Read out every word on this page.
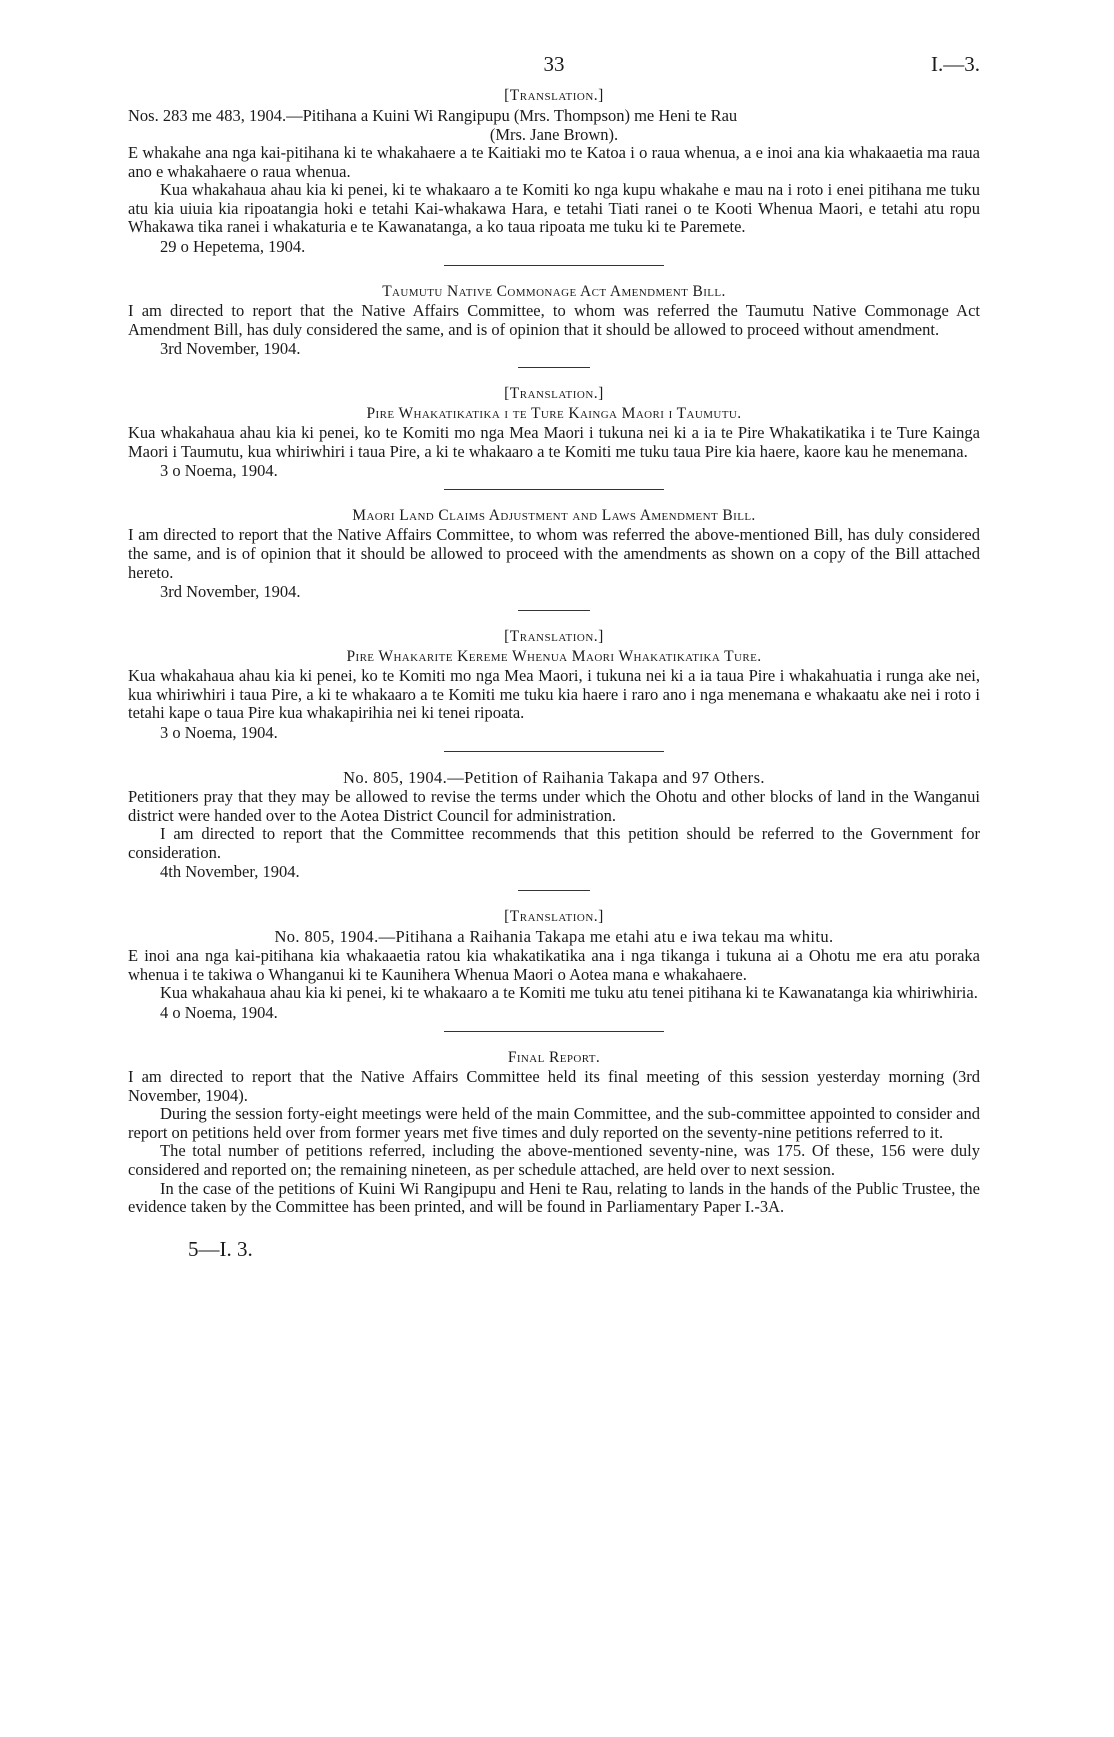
33	I.—3.
[Translation.]
Nos. 283 me 483, 1904.—Pitihana a Kuini Wi Rangipupu (Mrs. Thompson) me Heni te Rau
(Mrs. Jane Brown).

E whakahe ana nga kai-pitihana ki te whakahaere a te Kaitiaki mo te Katoa i o raua whenua, a e inoi ana kia whakaaetia ma raua ano e whakahaere o raua whenua.

Kua whakahaua ahau kia ki penei, ki te whakaaro a te Komiti ko nga kupu whakahe e mau na i roto i enei pitihana me tuku atu kia uiuia kia ripoatangia hoki e tetahi Kai-whakawa Hara, e tetahi Tiati ranei o te Kooti Whenua Maori, e tetahi atu ropu Whakawa tika ranei i whakaturia e te Kawanatanga, a ko taua ripoata me tuku ki te Paremete.

29 o Hepetema, 1904.
Taumutu Native Commonage Act Amendment Bill.

I am directed to report that the Native Affairs Committee, to whom was referred the Taumutu Native Commonage Act Amendment Bill, has duly considered the same, and is of opinion that it should be allowed to proceed without amendment.

3rd November, 1904.
[Translation.]
Pire Whakatikatika i te Ture Kainga Maori i Taumutu.

Kua whakahaua ahau kia ki penei, ko te Komiti mo nga Mea Maori i tukuna nei ki a ia te Pire Whakatikatika i te Ture Kainga Maori i Taumutu, kua whiriwhiri i taua Pire, a ki te whakaaro a te Komiti me tuku taua Pire kia haere, kaore kau he menemana.

3 o Noema, 1904.
Maori Land Claims Adjustment and Laws Amendment Bill.

I am directed to report that the Native Affairs Committee, to whom was referred the above-mentioned Bill, has duly considered the same, and is of opinion that it should be allowed to proceed with the amendments as shown on a copy of the Bill attached hereto.

3rd November, 1904.
[Translation.]
Pire Whakarite Kereme Whenua Maori Whakatikatika Ture.

Kua whakahaua ahau kia ki penei, ko te Komiti mo nga Mea Maori, i tukuna nei ki a ia taua Pire i whakahuatia i runga ake nei, kua whiriwhiri i taua Pire, a ki te whakaaro a te Komiti me tuku kia haere i raro ano i nga menemana e whakaatu ake nei i roto i tetahi kape o taua Pire kua whakapirihia nei ki tenei ripoata.

3 o Noema, 1904.
No. 805, 1904.—Petition of Raihania Takapa and 97 Others.

Petitioners pray that they may be allowed to revise the terms under which the Ohotu and other blocks of land in the Wanganui district were handed over to the Aotea District Council for administration.

I am directed to report that the Committee recommends that this petition should be referred to the Government for consideration.

4th November, 1904.
[Translation.]
No. 805, 1904.—Pitihana a Raihania Takapa me etahi atu e iwa tekau ma whitu.

E inoi ana nga kai-pitihana kia whakaaetia ratou kia whakatikatika ana i nga tikanga i tukuna ai a Ohotu me era atu poraka whenua i te takiwa o Whanganui ki te Kaunihera Whenua Maori o Aotea mana e whakahaere.

Kua whakahaua ahau kia ki penei, ki te whakaaro a te Komiti me tuku atu tenei pitihana ki te Kawanatanga kia whiriwhiria.

4 o Noema, 1904.
Final Report.

I am directed to report that the Native Affairs Committee held its final meeting of this session yesterday morning (3rd November, 1904).

During the session forty-eight meetings were held of the main Committee, and the sub-committee appointed to consider and report on petitions held over from former years met five times and duly reported on the seventy-nine petitions referred to it.

The total number of petitions referred, including the above-mentioned seventy-nine, was 175. Of these, 156 were duly considered and reported on; the remaining nineteen, as per schedule attached, are held over to next session.

In the case of the petitions of Kuini Wi Rangipupu and Heni te Rau, relating to lands in the hands of the Public Trustee, the evidence taken by the Committee has been printed, and will be found in Parliamentary Paper I.-3A.

5—I. 3.
